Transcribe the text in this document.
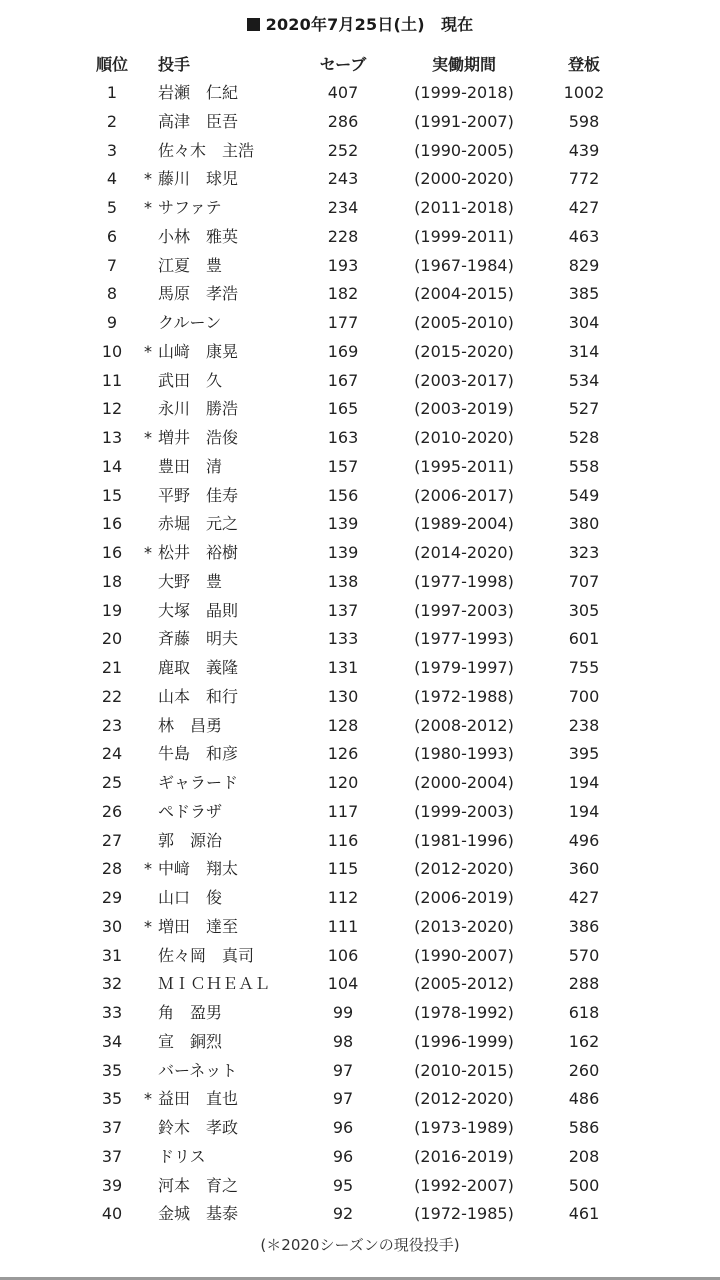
2020年7月25日(土)　現在
順位	投手	セーブ	実働期間	登板
1	岩瀬　仁紀	407	(1999-2018)	1002
2	高津　臣吾	286	(1991-2007)	598
3	佐々木　主浩	252	(1990-2005)	439
4	* 藤川　球児	243	(2000-2020)	772
5	* サファテ	234	(2011-2018)	427
6	小林　雅英	228	(1999-2011)	463
7	江夏　豊	193	(1967-1984)	829
8	馬原　孝浩	182	(2004-2015)	385
9	クルーン	177	(2005-2010)	304
10	* 山﨑　康晃	169	(2015-2020)	314
11	武田　久	167	(2003-2017)	534
12	永川　勝浩	165	(2003-2019)	527
13	* 増井　浩俊	163	(2010-2020)	528
14	豊田　清	157	(1995-2011)	558
15	平野　佳寿	156	(2006-2017)	549
16	赤堀　元之	139	(1989-2004)	380
16	* 松井　裕樹	139	(2014-2020)	323
18	大野　豊	138	(1977-1998)	707
19	大塚　晶則	137	(1997-2003)	305
20	斉藤　明夫	133	(1977-1993)	601
21	鹿取　義隆	131	(1979-1997)	755
22	山本　和行	130	(1972-1988)	700
23	林　昌勇	128	(2008-2012)	238
24	牛島　和彦	126	(1980-1993)	395
25	ギャラード	120	(2000-2004)	194
26	ペドラザ	117	(1999-2003)	194
27	郭　源治	116	(1981-1996)	496
28	* 中﨑　翔太	115	(2012-2020)	360
29	山口　俊	112	(2006-2019)	427
30	* 増田　達至	111	(2013-2020)	386
31	佐々岡　真司	106	(1990-2007)	570
32	ＭＩＣＨＥＡＬ	104	(2005-2012)	288
33	角　盈男	99	(1978-1992)	618
34	宣　銅烈	98	(1996-1999)	162
35	バーネット	97	(2010-2015)	260
35	* 益田　直也	97	(2012-2020)	486
37	鈴木　孝政	96	(1973-1989)	586
37	ドリス	96	(2016-2019)	208
39	河本　育之	95	(1992-2007)	500
40	金城　基泰	92	(1972-1985)	461
(＊2020シーズンの現役投手)
